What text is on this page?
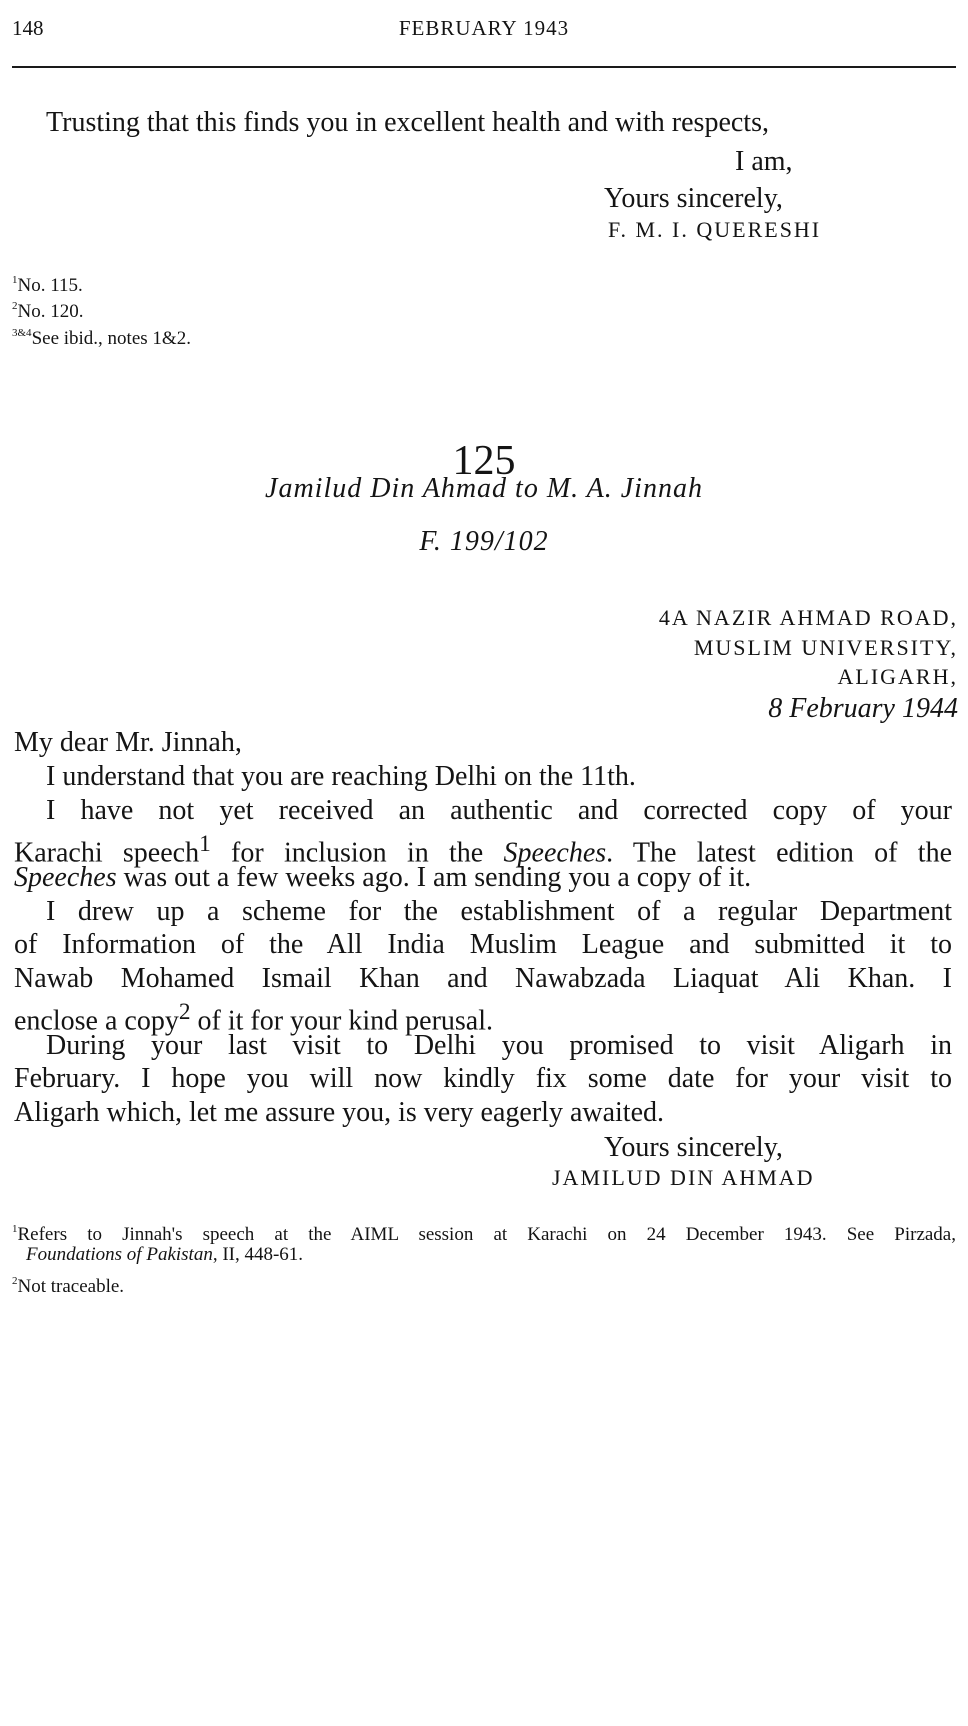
148	FEBRUARY 1943
Trusting that this finds you in excellent health and with respects,
I am,
Yours sincerely,
F. M. I. QUERESHI
$^1$No. 115.
$^2$No. 120.
$^{3\&4}$See ibid., notes 1&2.
125
Jamilud Din Ahmad to M. A. Jinnah
F. 199/102
4A NAZIR AHMAD ROAD,
MUSLIM UNIVERSITY,
ALIGARH,
8 February 1944
My dear Mr. Jinnah,
I understand that you are reaching Delhi on the 11th.
I have not yet received an authentic and corrected copy of your
Karachi speech$^1$ for inclusion in the Speeches. The latest edition of the
Speeches was out a few weeks ago. I am sending you a copy of it.
I drew up a scheme for the establishment of a regular Department
of Information of the All India Muslim League and submitted it to
Nawab Mohamed Ismail Khan and Nawabzada Liaquat Ali Khan. I
enclose a copy$^2$ of it for your kind perusal.
During your last visit to Delhi you promised to visit Aligarh in
February. I hope you will now kindly fix some date for your visit to
Aligarh which, let me assure you, is very eagerly awaited.
Yours sincerely,
JAMILUD DIN AHMAD
$^1$Refers to Jinnah's speech at the AIML session at Karachi on 24 December 1943. See Pirzada,
Foundations of Pakistan, II, 448-61.
$^2$Not traceable.
